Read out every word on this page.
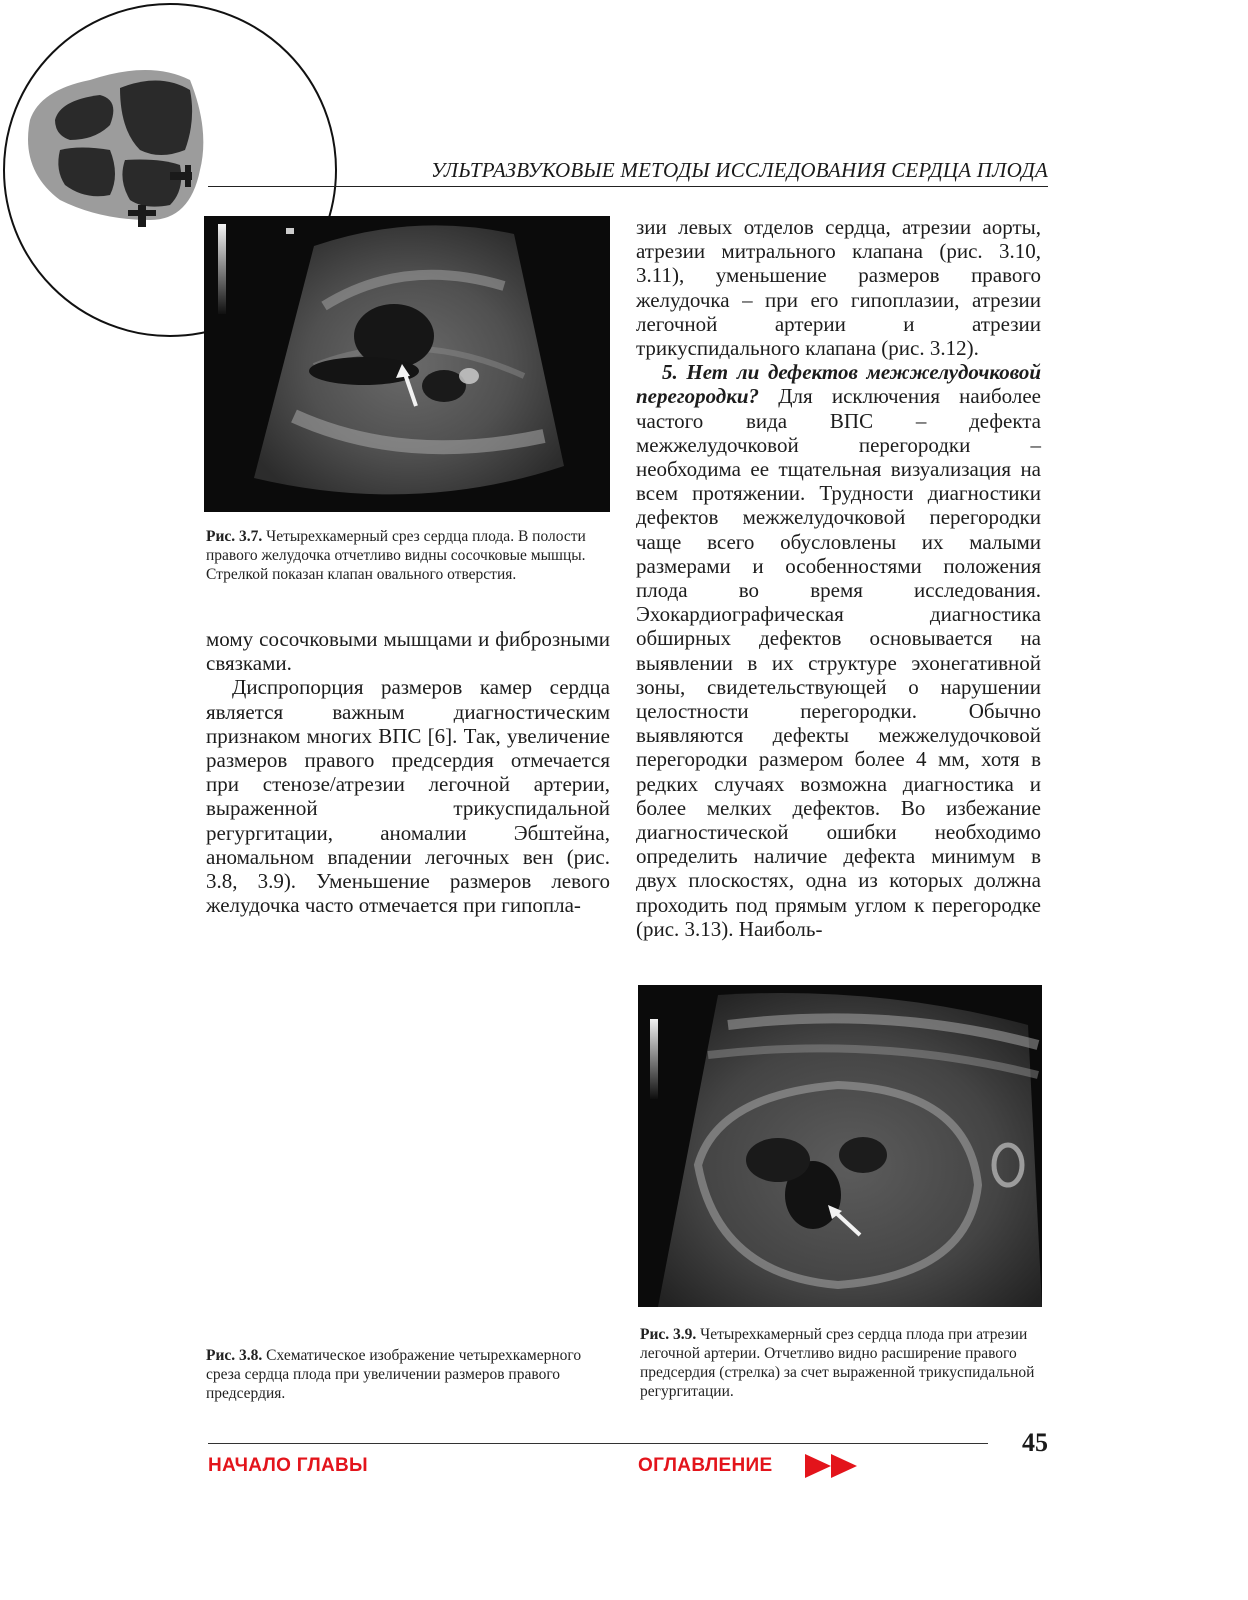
УЛЬТРАЗВУКОВЫЕ МЕТОДЫ ИССЛЕДОВАНИЯ СЕРДЦА ПЛОДА
Рис. 3.7. Четырехкамерный срез сердца плода. В полости правого желудочка отчетливо видны сосочковые мышцы. Стрелкой показан клапан овального отверстия.

мому сосочковыми мышцами и фиброзными связками.

Диспропорция размеров камер сердца является важным диагностическим признаком многих ВПС [6]. Так, увеличение размеров правого предсердия отмечается при стенозе/атрезии легочной артерии, выраженной трикуспидальной регургитации, аномалии Эбштейна, аномальном впадении легочных вен (рис. 3.8, 3.9). Уменьшение размеров левого желудочка часто отмечается при гипопла-

зии левых отделов сердца, атрезии аорты, атрезии митрального клапана (рис. 3.10, 3.11), уменьшение размеров правого желудочка – при его гипоплазии, атрезии легочной артерии и атрезии трикуспидального клапана (рис. 3.12).

5. Нет ли дефектов межжелудочковой перегородки? Для исключения наиболее частого вида ВПС – дефекта межжелудочковой перегородки – необходима ее тщательная визуализация на всем протяжении. Трудности диагностики дефектов межжелудочковой перегородки чаще всего обусловлены их малыми размерами и особенностями положения плода во время исследования. Эхокардиографическая диагностика обширных дефектов основывается на выявлении в их структуре эхонегативной зоны, свидетельствующей о нарушении целостности перегородки. Обычно выявляются дефекты межжелудочковой перегородки размером более 4 мм, хотя в редких случаях возможна диагностика и более мелких дефектов. Во избежание диагностической ошибки необходимо определить наличие дефекта минимум в двух плоскостях, одна из которых должна проходить под прямым углом к перегородке (рис. 3.13). Наиболь-

Рис. 3.8. Схематическое изображение четырехкамерного среза сердца плода при увеличении размеров правого предсердия.
Рис. 3.9. Четырехкамерный срез сердца плода при атрезии легочной артерии. Отчетливо видно расширение правого предсердия (стрелка) за счет выраженной трикуспидальной регургитации.
45
НАЧАЛО ГЛАВЫ	ОГЛАВЛЕНИЕ
